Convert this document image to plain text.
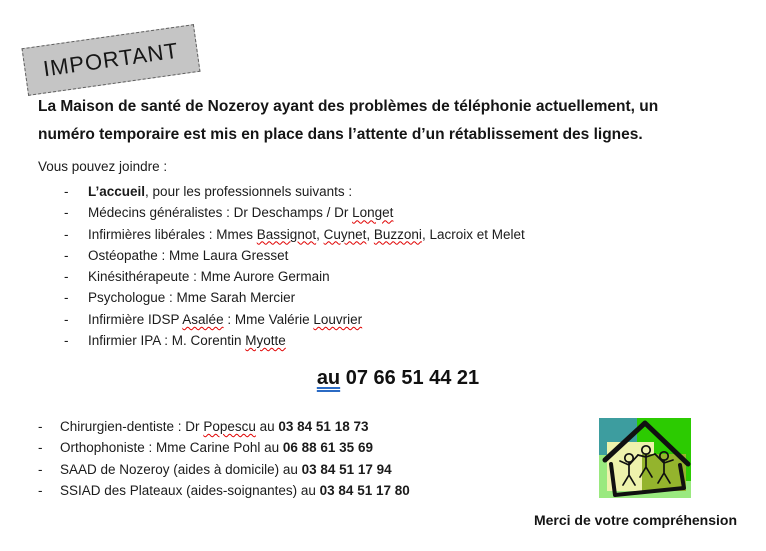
IMPORTANT
La Maison de santé de Nozeroy ayant des problèmes de téléphonie actuellement, un
numéro temporaire est mis en place dans l’attente d’un rétablissement des lignes.
Vous pouvez joindre :
- L’accueil, pour les professionnels suivants :
- Médecins généralistes : Dr Deschamps / Dr Longet
- Infirmières libérales : Mmes Bassignot, Cuynet, Buzzoni, Lacroix et Melet
- Ostéopathe : Mme Laura Gresset
- Kinésithérapeute : Mme Aurore Germain
- Psychologue : Mme Sarah Mercier
- Infirmière IDSP Asalée : Mme Valérie Louvrier
- Infirmier IPA : M. Corentin Myotte
au 07 66 51 44 21
- Chirurgien-dentiste : Dr Popescu au 03 84 51 18 73
- Orthophoniste : Mme Carine Pohl au 06 88 61 35 69
- SAAD de Nozeroy (aides à domicile) au 03 84 51 17 94
- SSIAD des Plateaux (aides-soignantes) au 03 84 51 17 80
Merci de votre compréhension
